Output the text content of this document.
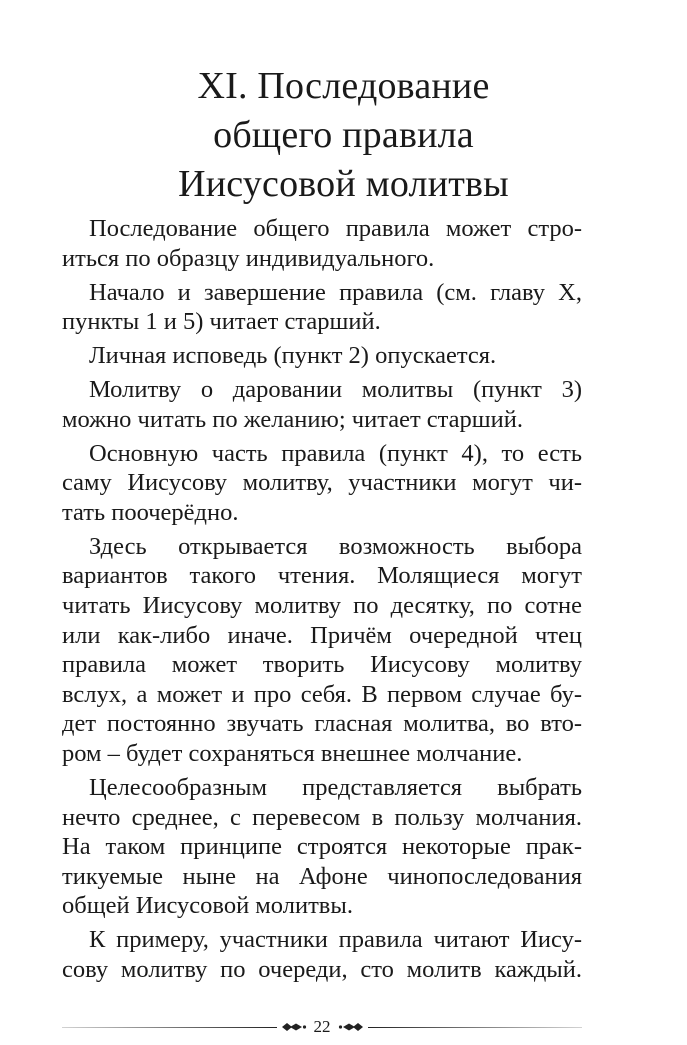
XI. Последование
общего правила
Иисусовой молитвы

Последование общего правила может стро-
иться по образцу индивидуального.

Начало и завершение правила (см. главу X,
пункты 1 и 5) читает старший.

Личная исповедь (пункт 2) опускается.

Молитву о даровании молитвы (пункт 3)
можно читать по желанию; читает старший.

Основную часть правила (пункт 4), то есть
саму Иисусову молитву, участники могут чи-
тать поочерёдно.

Здесь открывается возможность выбора
вариантов такого чтения. Молящиеся могут
читать Иисусову молитву по десятку, по сотне
или как-либо иначе. Причём очередной чтец
правила может творить Иисусову молитву
вслух, а может и про себя. В первом случае бу-
дет постоянно звучать гласная молитва, во вто-
ром – будет сохраняться внешнее молчание.

Целесообразным представляется выбрать
нечто среднее, с перевесом в пользу молчания.
На таком принципе строятся некоторые прак-
тикуемые ныне на Афоне чинопоследования
общей Иисусовой молитвы.

К примеру, участники правила читают Иису-
сову молитву по очереди, сто молитв каждый.

22
